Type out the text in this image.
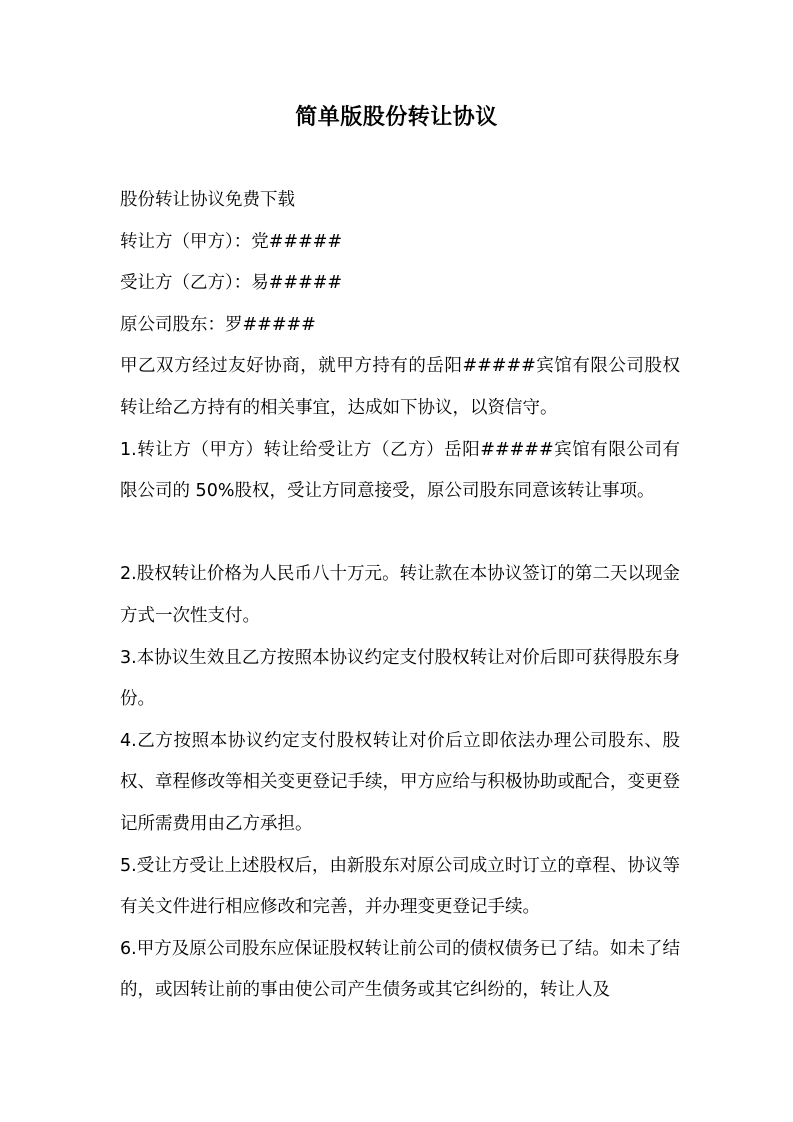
简单版股份转让协议

股份转让协议免费下载

转让方（甲方）：党#####

受让方（乙方）：易#####

原公司股东：罗#####

甲乙双方经过友好协商，就甲方持有的岳阳#####宾馆有限公司股权转让给乙方持有的相关事宜，达成如下协议，以资信守。

1.转让方（甲方）转让给受让方（乙方）岳阳#####宾馆有限公司有限公司的 50%股权，受让方同意接受，原公司股东同意该转让事项。

2.股权转让价格为人民币八十万元。转让款在本协议签订的第二天以现金方式一次性支付。

3.本协议生效且乙方按照本协议约定支付股权转让对价后即可获得股东身份。

4.乙方按照本协议约定支付股权转让对价后立即依法办理公司股东、股权、章程修改等相关变更登记手续，甲方应给与积极协助或配合，变更登记所需费用由乙方承担。

5.受让方受让上述股权后，由新股东对原公司成立时订立的章程、协议等有关文件进行相应修改和完善，并办理变更登记手续。

6.甲方及原公司股东应保证股权转让前公司的债权债务已了结。如未了结的，或因转让前的事由使公司产生债务或其它纠纷的，转让人及
